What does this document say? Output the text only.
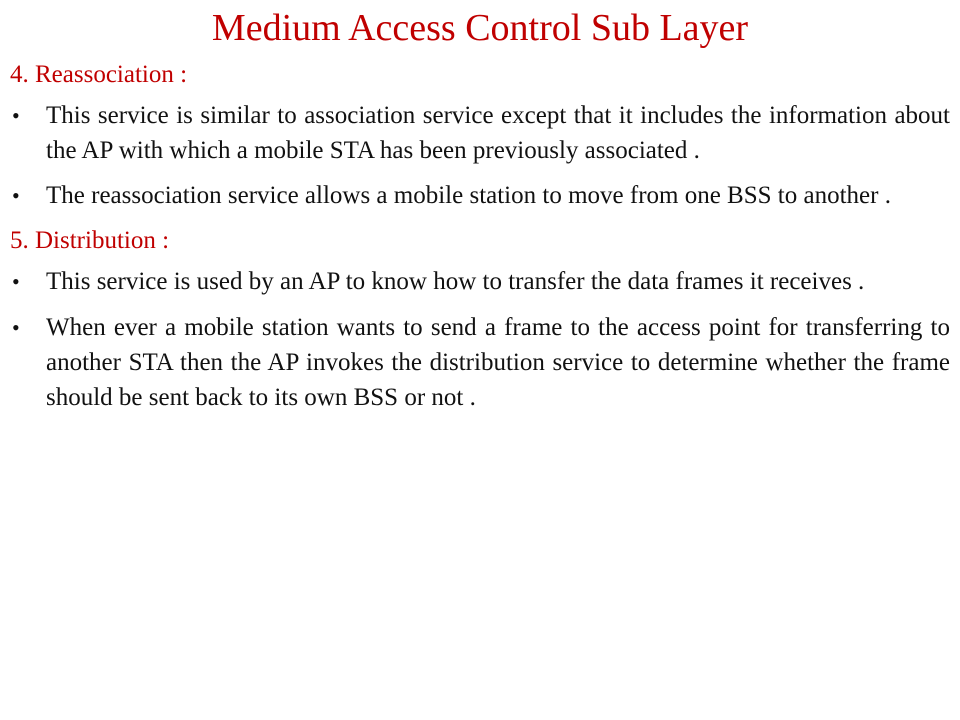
Medium Access Control Sub Layer
4. Reassociation :
•	This service is similar to association service except that it includes the information about the AP with which a mobile STA has been previously associated .
•	The reassociation service allows a mobile station to move from one BSS to another .
5. Distribution :
•	This service is used by an AP to know how to transfer the data frames it receives .
•	When ever a mobile station wants to send a frame to the access point for transferring to another STA then the AP invokes the distribution service to determine whether the frame should be sent back to its own BSS or not .
